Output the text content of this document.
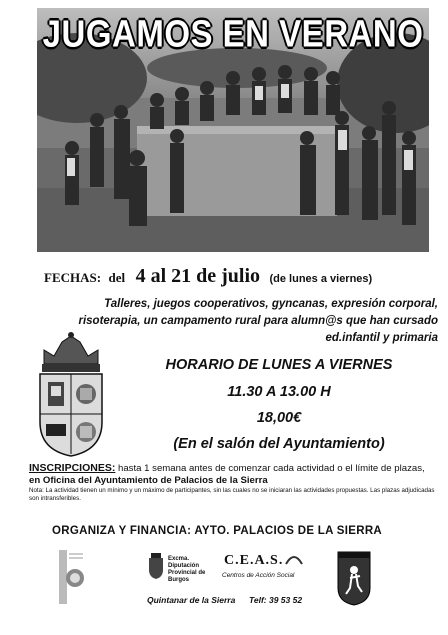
JUGAMOS EN VERANO
FECHAS: del 4 al 21 de julio (de lunes a viernes)
Talleres, juegos cooperativos, gyncanas, expresión corporal, risoterapia, un campamento rural para alumn@s que han cursado ed.infantil y primaria
HORARIO DE LUNES A VIERNES
11.30 A 13.00 H
18,00€
(En el salón del Ayuntamiento)
INSCRIPCIONES: hasta 1 semana antes de comenzar cada actividad o el límite de plazas, en Oficina del Ayuntamiento de Palacios de la Sierra
Nota: La actividad tienen un mínimo y un máximo de participantes, sin las cuales no se iniciaran las actividades propuestas. Las plazas adjudicadas son intransferibles.
ORGANIZA Y FINANCIA: AYTO. PALACIOS DE LA SIERRA
Excma. Diputación Provincial de Burgos
C.E.A.S.
Centros de Acción Social
Quintanar de la Sierra Telf: 39 53 52
